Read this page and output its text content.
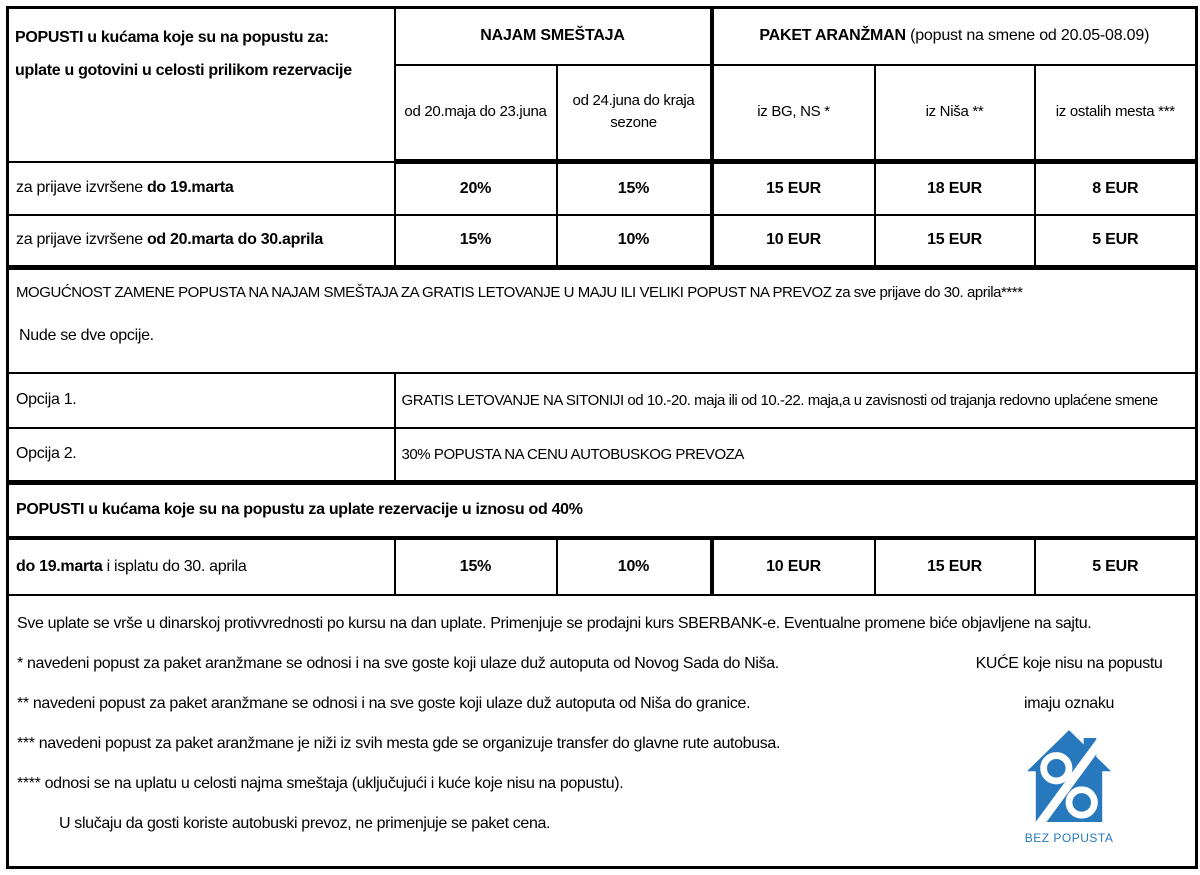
POPUSTI u kućama koje su na popustu za:
uplate u gotovini u celosti prilikom rezervacije	NAJAM SMEŠTAJA		PAKET ARANŽMAN (popust na smene od 20.05-08.09)		
	od 20.maja do 23.juna	od 24.juna do kraja sezone	iz BG, NS *	iz Niša **	iz ostalih mesta ***
za prijave izvršene do 19.marta	20%	15%	15 EUR	18 EUR	8 EUR
za prijave izvršene od 20.marta do 30.aprila	15%	10%	10 EUR	15 EUR	5 EUR

MOGUĆNOST ZAMENE POPUSTA NA NAJAM SMEŠTAJA ZA GRATIS LETOVANJE U MAJU ILI VELIKI POPUST NA PREVOZ za sve prijave do 30. aprila****
Nude se dve opcije.					

Opcija 1.	GRATIS LETOVANJE NA SITONIJI od 10.-20. maja ili od 10.-22. maja,a u zavisnosti od trajanja redovno uplaćene smene				
Opcija 2.	30% POPUSTA NA CENU AUTOBUSKOG PREVOZA				
POPUSTI u kućama koje su na popustu za uplate rezervacije u iznosu od 40%					
do 19.marta i isplatu do 30. aprila	15%	10%	10 EUR	15 EUR	5 EUR

Sve uplate se vrše u dinarskoj protivvrednosti po kursu na dan uplate. Primenjuje se prodajni kurs SBERBANK-e. Eventualne promene biće objavljene na sajtu.
* navedeni popust za paket aranžmane se odnosi i na sve goste koji ulaze duž autoputa od Novog Sada do Niša.
** navedeni popust za paket aranžmane se odnosi i na sve goste koji ulaze duž autoputa od Niša do granice.
*** navedeni popust za paket aranžmane je niži iz svih mesta gde se organizuje transfer do glavne rute autobusa.
**** odnosi se na uplatu u celosti najma smeštaja (uključujući i kuće koje nisu na popustu).
U slučaju da gosti koriste autobuski prevoz, ne primenjuje se paket cena.
KUĆE koje nisu na popustu
imaju oznaku
BEZ POPUSTA
